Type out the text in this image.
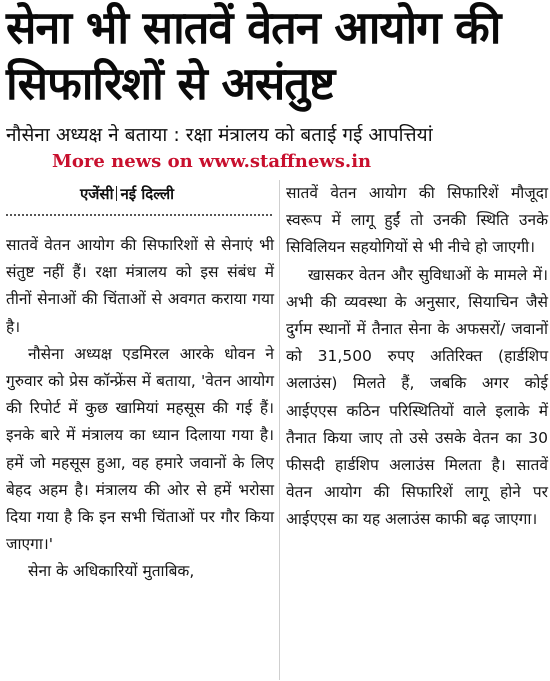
सेना भी सातवें वेतन आयोग की
सिफारिशों से असंतुष्ट
नौसेना अध्यक्ष ने बताया : रक्षा मंत्रालय को बताई गई आपत्तियां
More news on www.staffnews.in
एजेंसी नई दिल्ली

सातवें वेतन आयोग की सिफारिशों से सेनाएं भी संतुष्ट नहीं हैं। रक्षा मंत्रालय को इस संबंध में तीनों सेनाओं की चिंताओं से अवगत कराया गया है।

नौसेना अध्यक्ष एडमिरल आरके धोवन ने गुरुवार को प्रेस कॉन्फ्रेंस में बताया, 'वेतन आयोग की रिपोर्ट में कुछ खामियां महसूस की गई हैं। इनके बारे में मंत्रालय का ध्यान दिलाया गया है। हमें जो महसूस हुआ, वह हमारे जवानों के लिए बेहद अहम है। मंत्रालय की ओर से हमें भरोसा दिया गया है कि इन सभी चिंताओं पर गौर किया जाएगा।'

सेना के अधिकारियों मुताबिक,

सातवें वेतन आयोग की सिफारिशें मौजूदा स्वरूप में लागू हुईं तो उनकी स्थिति उनके सिविलियन सहयोगियों से भी नीचे हो जाएगी।

खासकर वेतन और सुविधाओं के मामले में। अभी की व्यवस्था के अनुसार, सियाचिन जैसे दुर्गम स्थानों में तैनात सेना के अफसरों/ जवानों को 31,500 रुपए अतिरिक्त (हार्डशिप अलाउंस) मिलते हैं, जबकि अगर कोई आईएएस कठिन परिस्थितियों वाले इलाके में तैनात किया जाए तो उसे उसके वेतन का 30 फीसदी हार्डशिप अलाउंस मिलता है। सातवें वेतन आयोग की सिफारिशें लागू होने पर आईएएस का यह अलाउंस काफी बढ़ जाएगा।
